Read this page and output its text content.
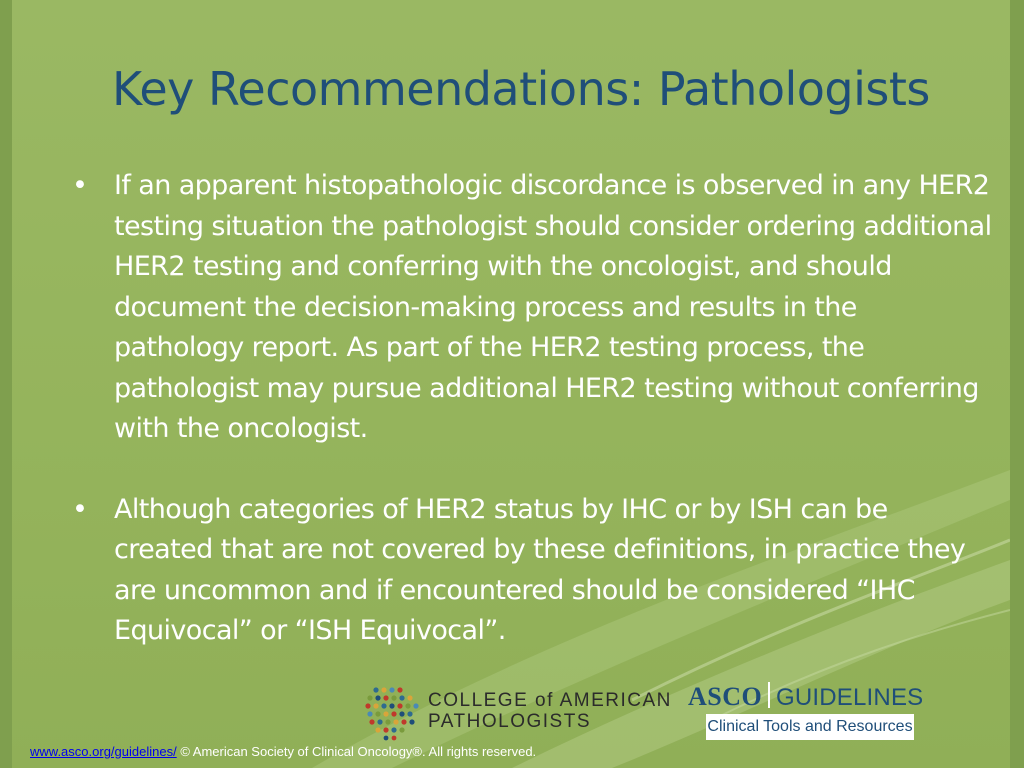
Key Recommendations: Pathologists
• If an apparent histopathologic discordance is observed in any HER2 testing situation the pathologist should consider ordering additional HER2 testing and conferring with the oncologist, and should document the decision-making process and results in the pathology report. As part of the HER2 testing process, the pathologist may pursue additional HER2 testing without conferring with the oncologist.
• Although categories of HER2 status by IHC or by ISH can be created that are not covered by these definitions, in practice they are uncommon and if encountered should be considered “IHC Equivocal” or “ISH Equivocal”.
COLLEGE of AMERICAN
PATHOLOGISTS
ASCO GUIDELINES
Clinical Tools and Resources
www.asco.org/guidelines/ © American Society of Clinical Oncology®. All rights reserved.
